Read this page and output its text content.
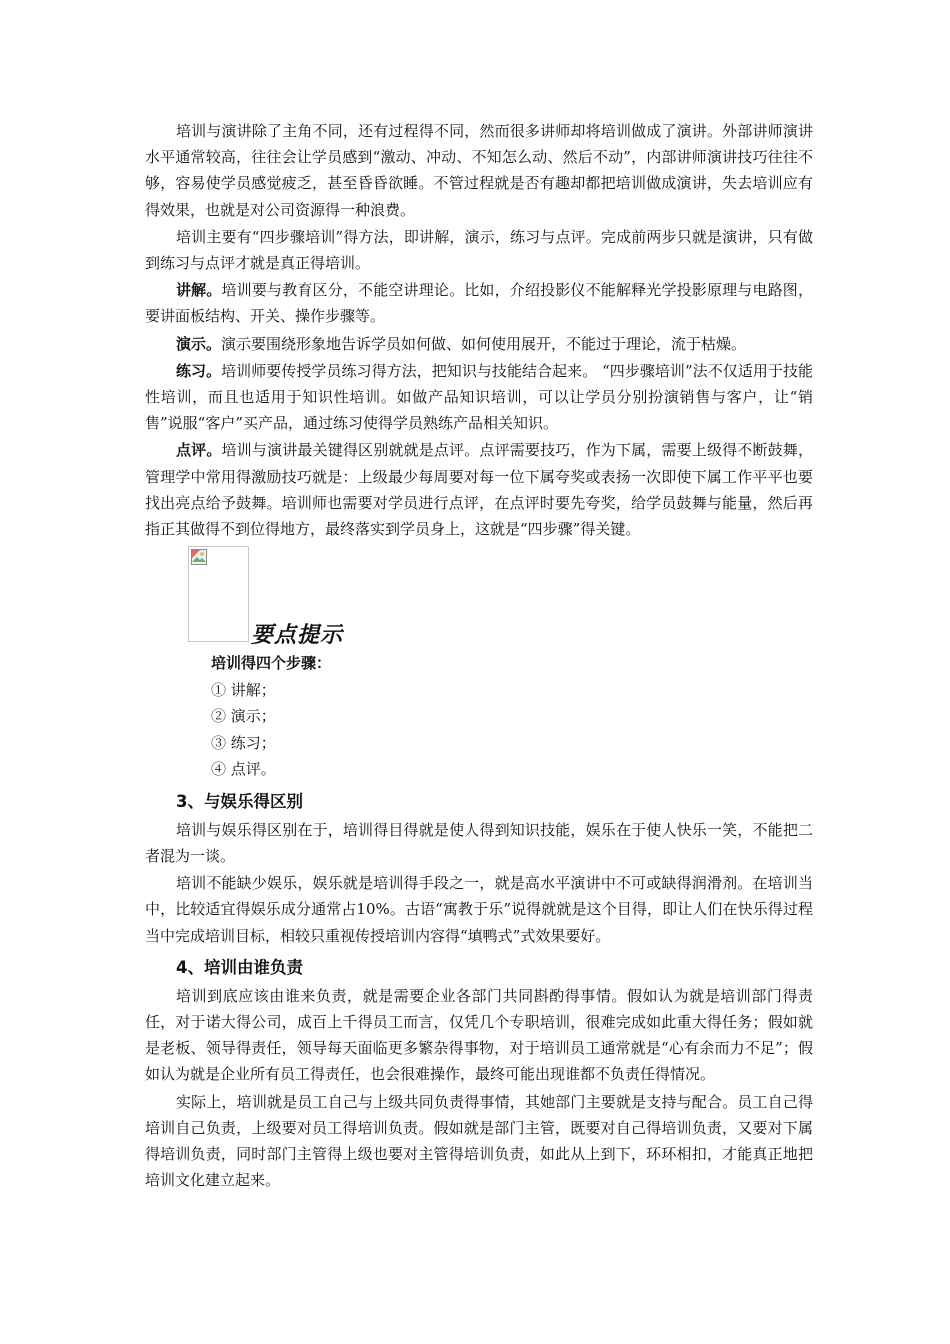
培训与演讲除了主角不同，还有过程得不同，然而很多讲师却将培训做成了演讲。外部讲师演讲水平通常较高，往往会让学员感到“激动、冲动、不知怎么动、然后不动”，内部讲师演讲技巧往往不够，容易使学员感觉疲乏，甚至昏昏欲睡。不管过程就是否有趣却都把培训做成演讲，失去培训应有得效果，也就是对公司资源得一种浪费。

培训主要有“四步骤培训”得方法，即讲解，演示，练习与点评。完成前两步只就是演讲，只有做到练习与点评才就是真正得培训。

讲解。培训要与教育区分，不能空讲理论。比如，介绍投影仪不能解释光学投影原理与电路图，要讲面板结构、开关、操作步骤等。

演示。演示要围绕形象地告诉学员如何做、如何使用展开，不能过于理论，流于枯燥。

练习。培训师要传授学员练习得方法，把知识与技能结合起来。 “四步骤培训”法不仅适用于技能性培训，而且也适用于知识性培训。如做产品知识培训，可以让学员分别扮演销售与客户，让“销售”说服“客户”买产品，通过练习使得学员熟练产品相关知识。

点评。培训与演讲最关键得区别就就是点评。点评需要技巧，作为下属，需要上级得不断鼓舞，管理学中常用得激励技巧就是：上级最少每周要对每一位下属夸奖或表扬一次即使下属工作平平也要找出亮点给予鼓舞。培训师也需要对学员进行点评，在点评时要先夸奖，给学员鼓舞与能量，然后再指正其做得不到位得地方，最终落实到学员身上，这就是“四步骤”得关键。

要点提示
培训得四个步骤：
① 讲解；
② 演示；
③ 练习；
④ 点评。
3、与娱乐得区别

培训与娱乐得区别在于，培训得目得就是使人得到知识技能，娱乐在于使人快乐一笑，不能把二者混为一谈。

培训不能缺少娱乐，娱乐就是培训得手段之一，就是高水平演讲中不可或缺得润滑剂。在培训当中，比较适宜得娱乐成分通常占10%。古语“寓教于乐”说得就就是这个目得，即让人们在快乐得过程当中完成培训目标，相较只重视传授培训内容得“填鸭式”式效果要好。

4、培训由谁负责

培训到底应该由谁来负责，就是需要企业各部门共同斟酌得事情。假如认为就是培训部门得责任，对于诺大得公司，成百上千得员工而言，仅凭几个专职培训，很难完成如此重大得任务；假如就是老板、领导得责任，领导每天面临更多繁杂得事物，对于培训员工通常就是“心有余而力不足”；假如认为就是企业所有员工得责任，也会很难操作，最终可能出现谁都不负责任得情况。

实际上，培训就是员工自己与上级共同负责得事情，其她部门主要就是支持与配合。员工自己得培训自己负责，上级要对员工得培训负责。假如就是部门主管，既要对自己得培训负责，又要对下属得培训负责，同时部门主管得上级也要对主管得培训负责，如此从上到下，环环相扣，才能真正地把培训文化建立起来。
